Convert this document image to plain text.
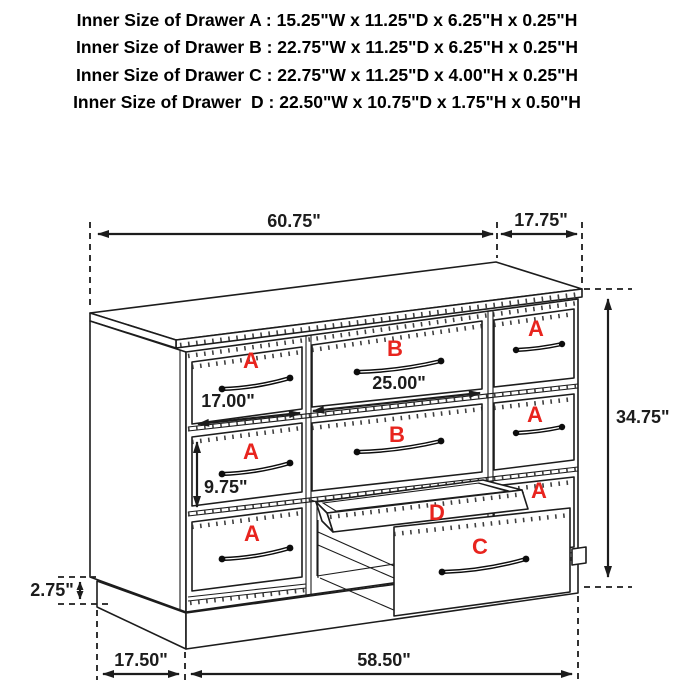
Inner Size of Drawer A : 15.25"W x 11.25"D x 6.25"H x 0.25"H
Inner Size of Drawer B : 22.75"W x 11.25"D x 6.25"H x 0.25"H
Inner Size of Drawer C : 22.75"W x 11.25"D x 4.00"H x 0.25"H
Inner Size of Drawer  D : 22.50"W x 10.75"D x 1.75"H x 0.50"H
60.75"	17.75"
A
A
A
B
B
A
A
A
D
C
34.75"
17.00"
25.00"
9.75"
2.75"
17.50"	58.50"
